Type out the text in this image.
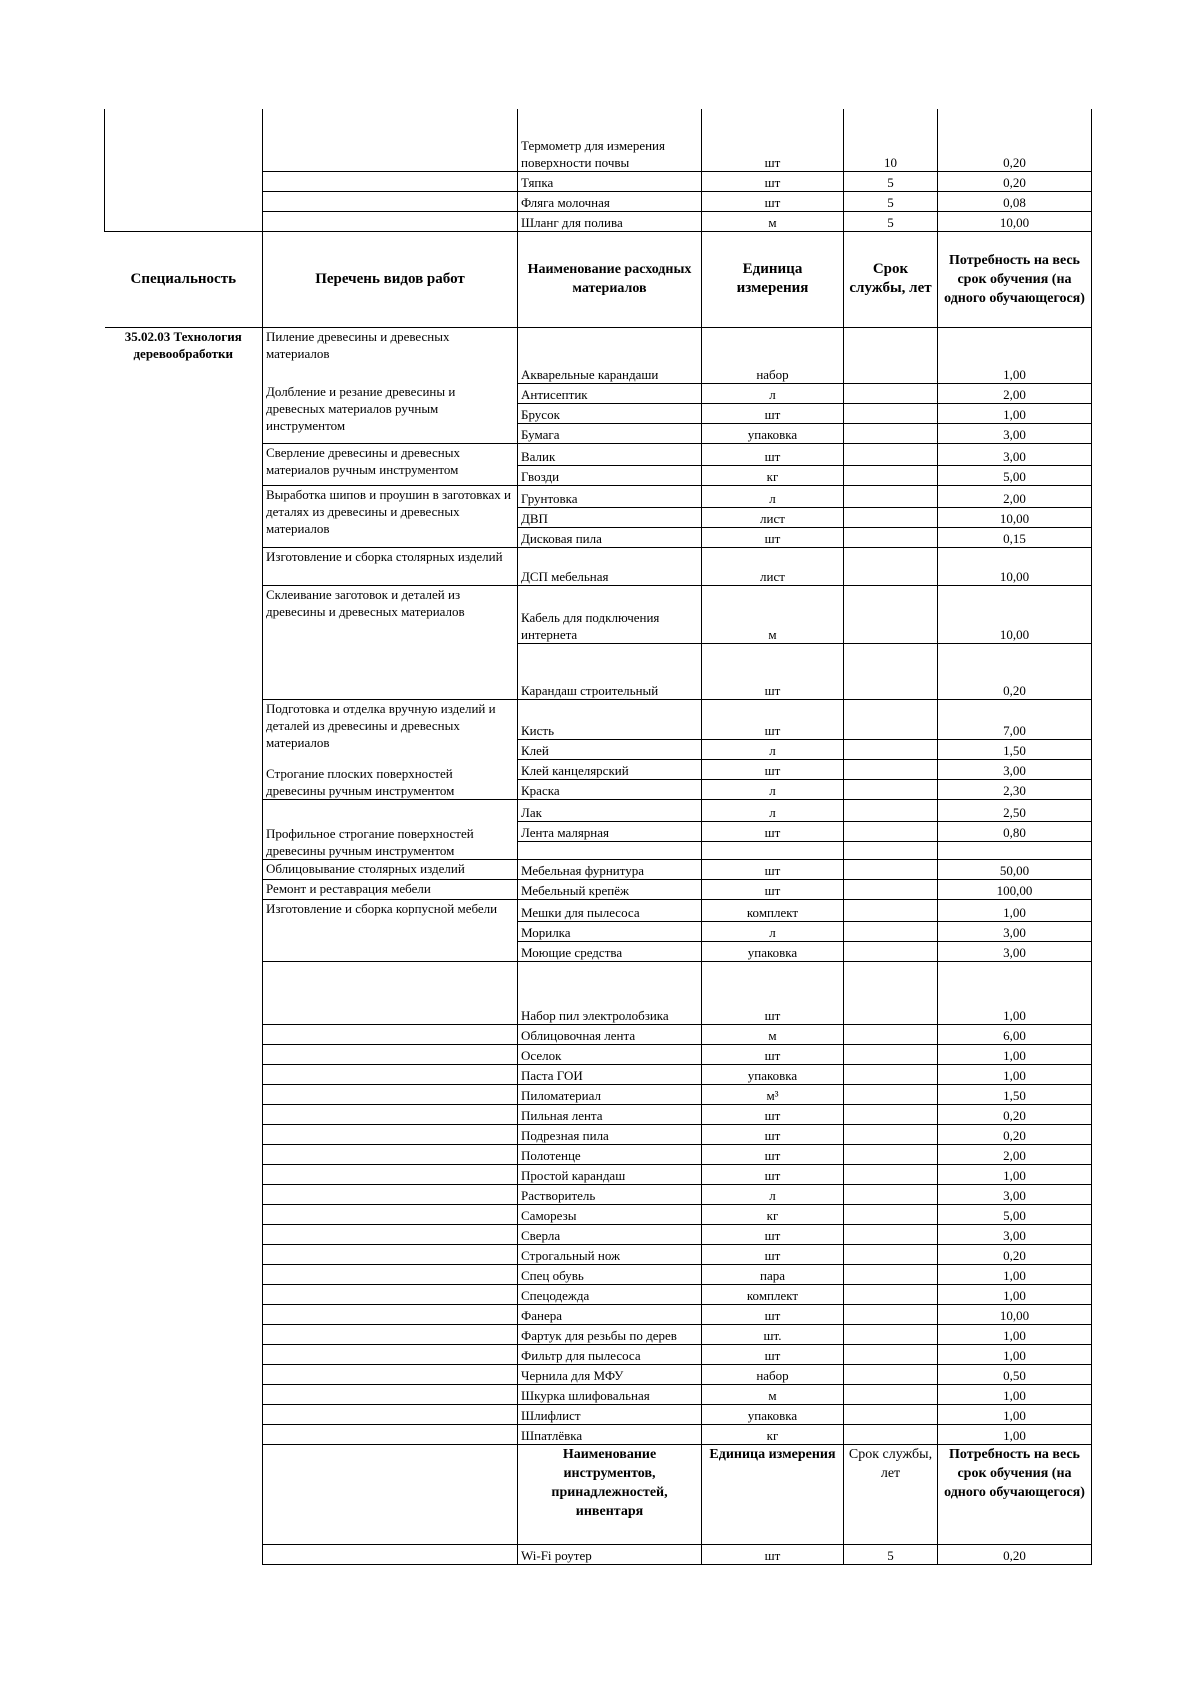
		Термометр для измерения поверхности почвы	шт	10	0,20
		Тяпка	шт	5	0,20
		Фляга молочная	шт	5	0,08
		Шланг для полива	м	5	10,00
Специальность	Перечень видов работ	Наименование расходных материалов	Единица измерения	Срок службы, лет	Потребность на весь срок обучения (на одного обучающегося)
35.02.03 Технология деревообработки	Пиление древесины и древесных материалов	Акварельные карандаши	набор		1,00
	Долбление и резание древесины и древесных материалов ручным инструментом	Антисептик	л		2,00
		Брусок	шт		1,00
		Бумага	упаковка		3,00
	Сверление древесины и древесных материалов ручным инструментом	Валик	шт		3,00
		Гвозди	кг		5,00
	Выработка шипов и проушин в заготовках и деталях из древесины и древесных материалов	Грунтовка	л		2,00
		ДВП	лист		10,00
		Дисковая пила	шт		0,15
	Изготовление и сборка столярных изделий	ДСП мебельная	лист		10,00
	Склеивание заготовок и деталей из древесины и древесных материалов	Кабель для подключения интернета	м		10,00
		Карандаш строительный	шт		0,20
	Подготовка и отделка вручную изделий и деталей из древесины и древесных материалов	Кисть	шт		7,00
		Клей	л		1,50
	Строгание плоских поверхностей древесины ручным инструментом	Клей канцелярский	шт		3,00
		Краска	л		2,30
	Профильное строгание поверхностей древесины ручным инструментом	Лак	л		2,50
		Лента малярная	шт		0,80

	Облицовывание столярных изделий	Мебельная фурнитура	шт		50,00
	Ремонт и реставрация мебели	Мебельный крепёж	шт		100,00
	Изготовление и сборка корпусной мебели	Мешки для пылесоса	комплект		1,00
		Морилка	л		3,00
		Моющие средства	упаковка		3,00
		Набор пил электролобзика	шт		1,00
		Облицовочная лента	м		6,00
		Оселок	шт		1,00
		Паста ГОИ	упаковка		1,00
		Пиломатериал	м³		1,50
		Пильная лента	шт		0,20
		Подрезная пила	шт		0,20
		Полотенце	шт		2,00
		Простой карандаш	шт		1,00
		Растворитель	л		3,00
		Саморезы	кг		5,00
		Сверла	шт		3,00
		Строгальный нож	шт		0,20
		Спец обувь	пара		1,00
		Спецодежда	комплект		1,00
		Фанера	шт		10,00
		Фартук для резьбы по дерев	шт.		1,00
		Фильтр для пылесоса	шт		1,00
		Чернила для МФУ	набор		0,50
		Шкурка шлифовальная	м		1,00
		Шлифлист	упаковка		1,00
		Шпатлёвка	кг		1,00
		Наименование инструментов, принадлежностей, инвентаря	Единица измерения	Срок службы, лет	Потребность на весь срок обучения (на одного обучающегося)
		Wi-Fi роутер	шт	5	0,20
